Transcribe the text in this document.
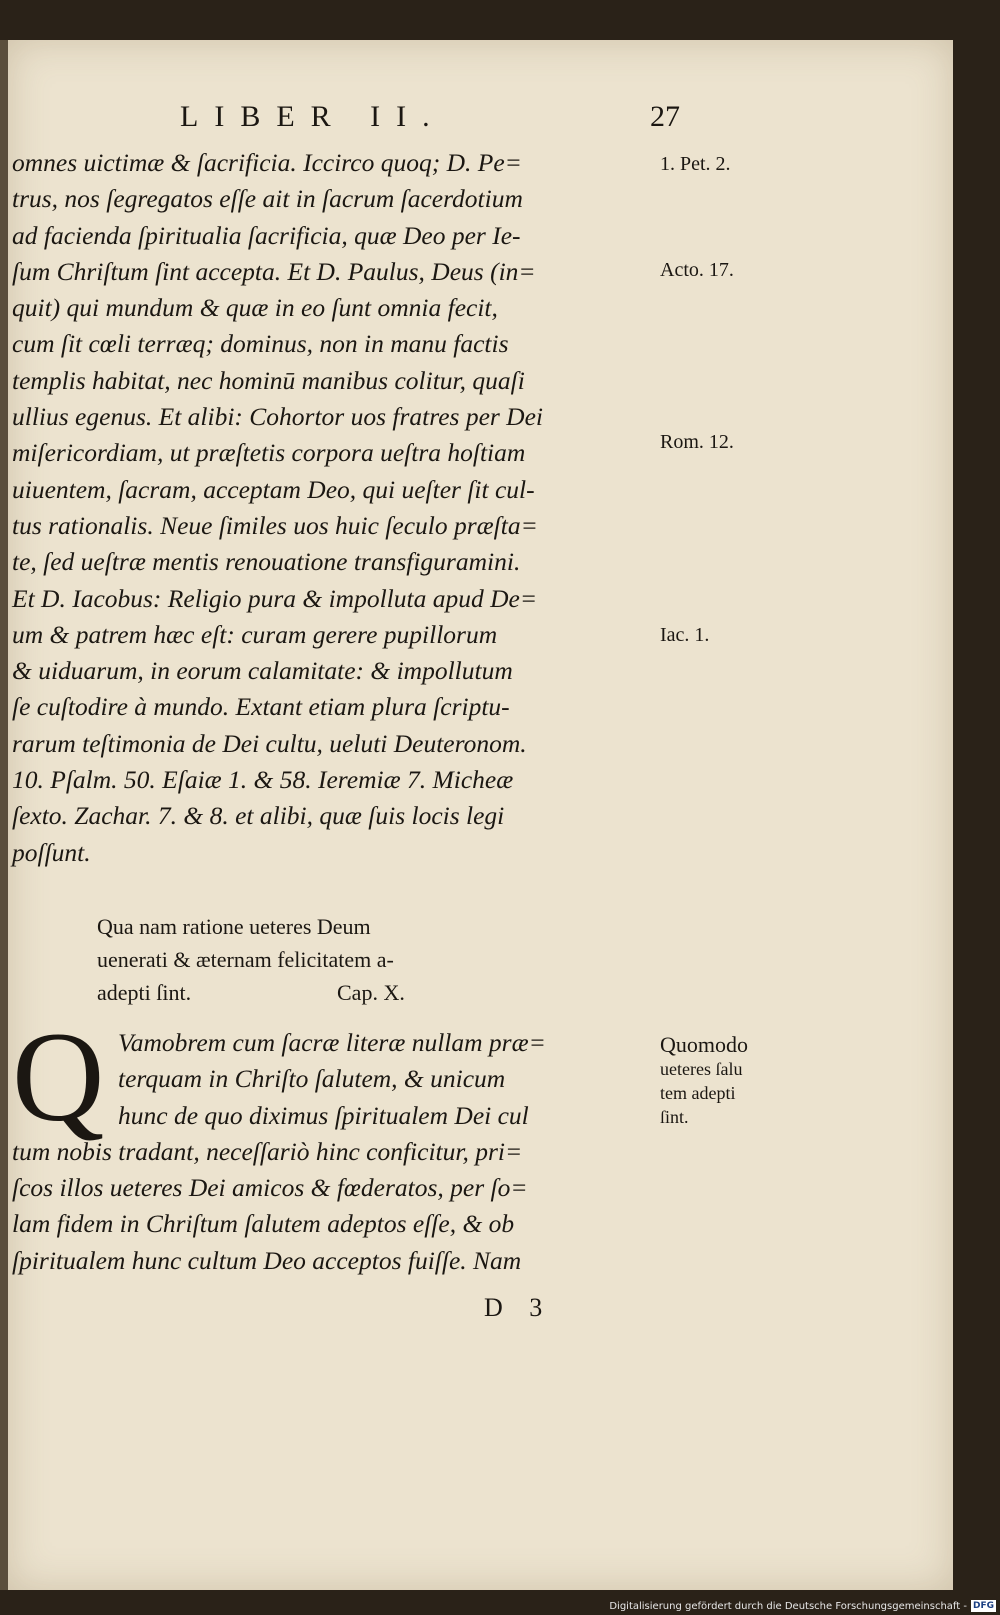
LIBER II.	27
omnes uictimæ & ſacrificia. Iccirco quoq; D. Pe=
trus, nos ſegregatos eſſe ait in ſacrum ſacerdotium
ad facienda ſpiritualia ſacrificia, quæ Deo per Ie-
ſum Chriſtum ſint accepta. Et D. Paulus, Deus (in=
quit) qui mundum & quæ in eo ſunt omnia fecit,
cum ſit cœli terræq; dominus, non in manu factis
templis habitat, nec hominū manibus colitur, quaſi
ullius egenus. Et alibi: Cohortor uos fratres per Dei
miſericordiam, ut præſtetis corpora ueſtra hoſtiam
uiuentem, ſacram, acceptam Deo, qui ueſter ſit cul-
tus rationalis. Neue ſimiles uos huic ſeculo præſta=
te, ſed ueſtræ mentis renouatione transfiguramini.
Et D. Iacobus: Religio pura & impolluta apud De=
um & patrem hæc eſt: curam gerere pupillorum
& uiduarum, in eorum calamitate: & impollutum
ſe cuſtodire à mundo. Extant etiam plura ſcriptu-
rarum teſtimonia de Dei cultu, ueluti Deuteronom.
10. Pſalm. 50. Eſaiæ 1. & 58. Ieremiæ 7. Micheæ
ſexto. Zachar. 7. & 8. et alibi, quæ ſuis locis legi
poſſunt.
1. Pet. 2.
Acto. 17.
Rom. 12.
Iac. 1.
Quomodo
ueteres ſalu
tem adepti
ſint.
Qua nam ratione ueteres Deum
uenerati & æternam felicitatem a-
adepti ſint.	Cap. X.
Q Vamobrem cum ſacræ literæ nullam præ=
terquam in Chriſto ſalutem, & unicum
hunc de quo diximus ſpiritualem Dei cul
tum nobis tradant, neceſſariò hinc conficitur, pri=
ſcos illos ueteres Dei amicos & fœderatos, per ſo=
lam fidem in Chriſtum ſalutem adeptos eſſe, & ob
ſpiritualem hunc cultum Deo acceptos fuiſſe. Nam
D 3
Digitalisierung gefördert durch die Deutsche Forschungsgemeinschaft - DFG
